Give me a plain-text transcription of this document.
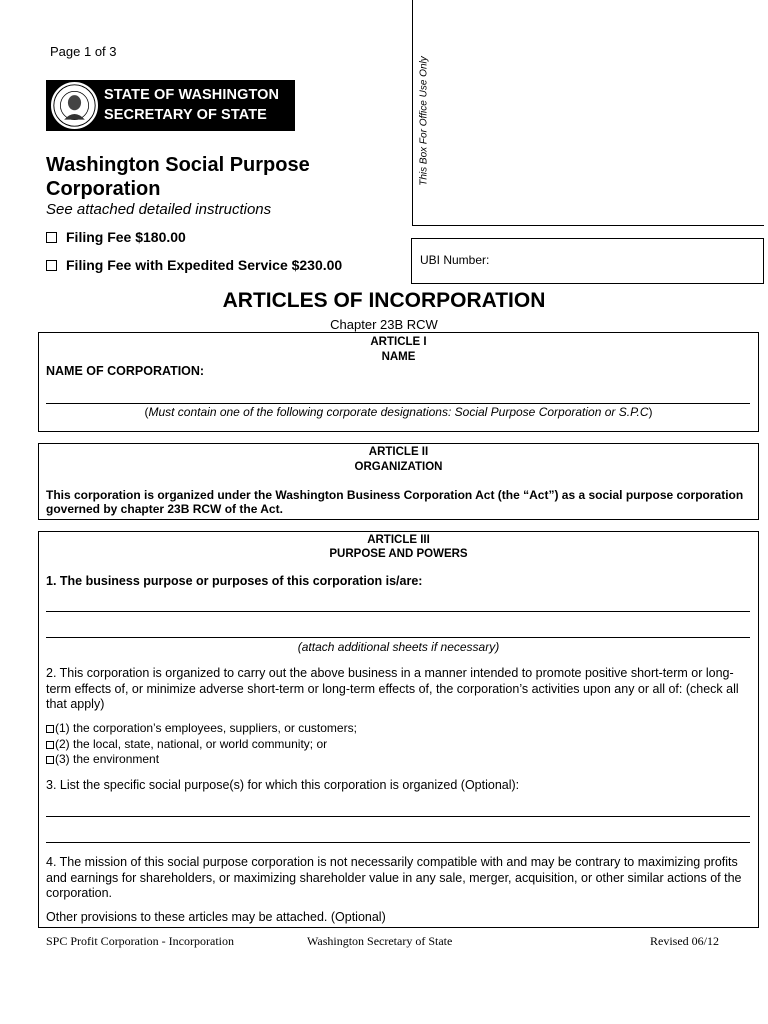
Page 1 of 3
STATE OF WASHINGTON
SECRETARY OF STATE
Washington Social Purpose Corporation
See attached detailed instructions
Filing Fee $180.00
Filing Fee with Expedited Service $230.00
This Box For Office Use Only
UBI Number:
ARTICLES OF INCORPORATION
Chapter 23B RCW
ARTICLE I
NAME
NAME OF CORPORATION:
(Must contain one of the following corporate designations: Social Purpose Corporation or S.P.C)
ARTICLE II
ORGANIZATION
This corporation is organized under the Washington Business Corporation Act (the “Act”) as a social purpose corporation governed by chapter 23B RCW of the Act.
ARTICLE III
PURPOSE AND POWERS
1. The business purpose or purposes of this corporation is/are:
(attach additional sheets if necessary)
2. This corporation is organized to carry out the above business in a manner intended to promote positive short-term or long-term effects of, or minimize adverse short-term or long-term effects of, the corporation’s activities upon any or all of: (check all that apply)
(1) the corporation’s employees, suppliers, or customers;
(2) the local, state, national, or world community; or
(3) the environment
3. List the specific social purpose(s) for which this corporation is organized (Optional):
4. The mission of this social purpose corporation is not necessarily compatible with and may be contrary to maximizing profits and earnings for shareholders, or maximizing shareholder value in any sale, merger, acquisition, or other similar actions of the corporation.
Other provisions to these articles may be attached. (Optional)
SPC Profit Corporation - Incorporation	Washington Secretary of State	Revised 06/12
